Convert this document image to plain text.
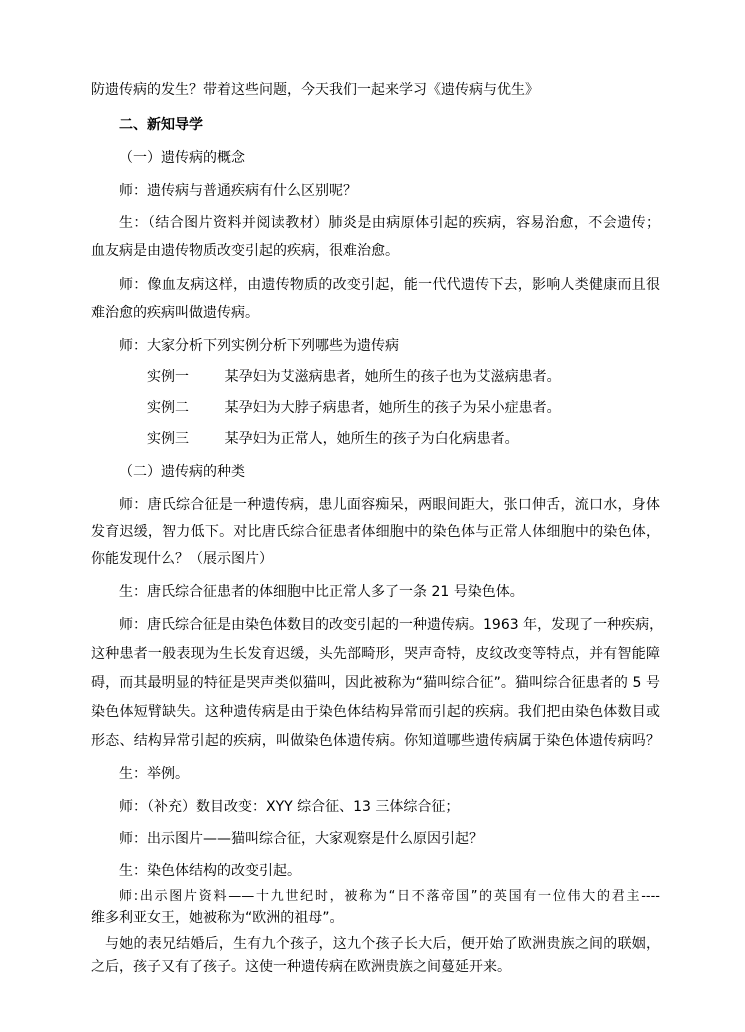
防遗传病的发生？带着这些问题，今天我们一起来学习《遗传病与优生》

二、新知导学

（一）遗传病的概念

师：遗传病与普通疾病有什么区别呢？

生：（结合图片资料并阅读教材）肺炎是由病原体引起的疾病，容易治愈，不会遗传；

血友病是由遗传物质改变引起的疾病，很难治愈。

师：像血友病这样，由遗传物质的改变引起，能一代代遗传下去，影响人类健康而且很

难治愈的疾病叫做遗传病。

师：大家分析下列实例分析下列哪些为遗传病

实例一        某孕妇为艾滋病患者，她所生的孩子也为艾滋病患者。

实例二        某孕妇为大脖子病患者，她所生的孩子为呆小症患者。

实例三        某孕妇为正常人，她所生的孩子为白化病患者。

（二）遗传病的种类

师：唐氏综合征是一种遗传病，患儿面容痴呆，两眼间距大，张口伸舌，流口水，身体

发育迟缓，智力低下。对比唐氏综合征患者体细胞中的染色体与正常人体细胞中的染色体，

你能发现什么？（展示图片）

生：唐氏综合征患者的体细胞中比正常人多了一条 21 号染色体。

师：唐氏综合征是由染色体数目的改变引起的一种遗传病。1963 年，发现了一种疾病，

这种患者一般表现为生长发育迟缓，头先部畸形，哭声奇特，皮纹改变等特点，并有智能障

碍，而其最明显的特征是哭声类似猫叫，因此被称为“猫叫综合征”。猫叫综合征患者的 5 号

染色体短臂缺失。这种遗传病是由于染色体结构异常而引起的疾病。我们把由染色体数目或

形态、结构异常引起的疾病，叫做染色体遗传病。你知道哪些遗传病属于染色体遗传病吗？

生：举例。

师：（补充）数目改变：XYY 综合征、13 三体综合征；

师：出示图片——猫叫综合征，大家观察是什么原因引起？

生：染色体结构的改变引起。

师:出示图片资料——十九世纪时，被称为“日不落帝国”的英国有一位伟大的君主----

维多利亚女王，她被称为“欧洲的祖母”。

与她的表兄结婚后，生有九个孩子，这九个孩子长大后，便开始了欧洲贵族之间的联姻，

之后，孩子又有了孩子。这使一种遗传病在欧洲贵族之间蔓延开来。
